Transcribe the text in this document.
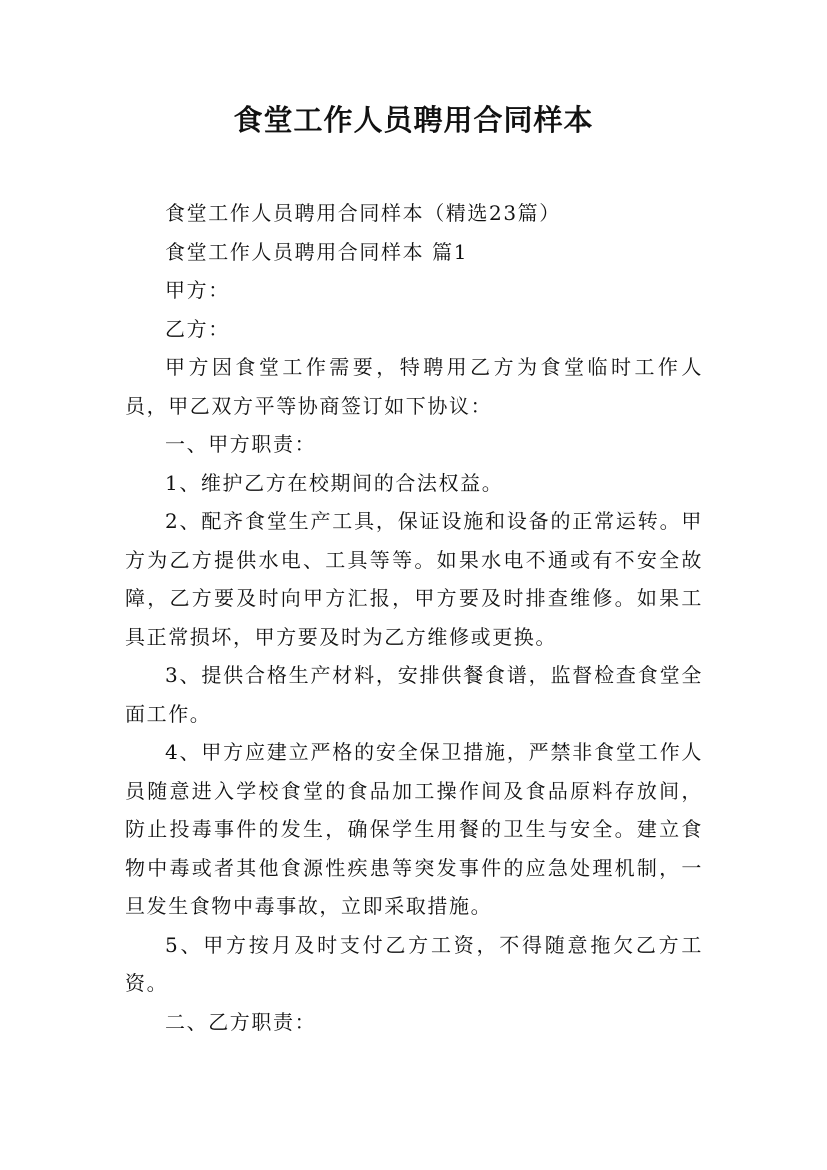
食堂工作人员聘用合同样本

食堂工作人员聘用合同样本（精选23篇）

食堂工作人员聘用合同样本 篇1

甲方：

乙方：

甲方因食堂工作需要，特聘用乙方为食堂临时工作人员，甲乙双方平等协商签订如下协议：

一、甲方职责：

1、维护乙方在校期间的合法权益。

2、配齐食堂生产工具，保证设施和设备的正常运转。甲方为乙方提供水电、工具等等。如果水电不通或有不安全故障，乙方要及时向甲方汇报，甲方要及时排查维修。如果工具正常损坏，甲方要及时为乙方维修或更换。

3、提供合格生产材料，安排供餐食谱，监督检查食堂全面工作。

4、甲方应建立严格的安全保卫措施，严禁非食堂工作人员随意进入学校食堂的食品加工操作间及食品原料存放间，防止投毒事件的发生，确保学生用餐的卫生与安全。建立食物中毒或者其他食源性疾患等突发事件的应急处理机制，一旦发生食物中毒事故，立即采取措施。

5、甲方按月及时支付乙方工资，不得随意拖欠乙方工资。

二、乙方职责：
